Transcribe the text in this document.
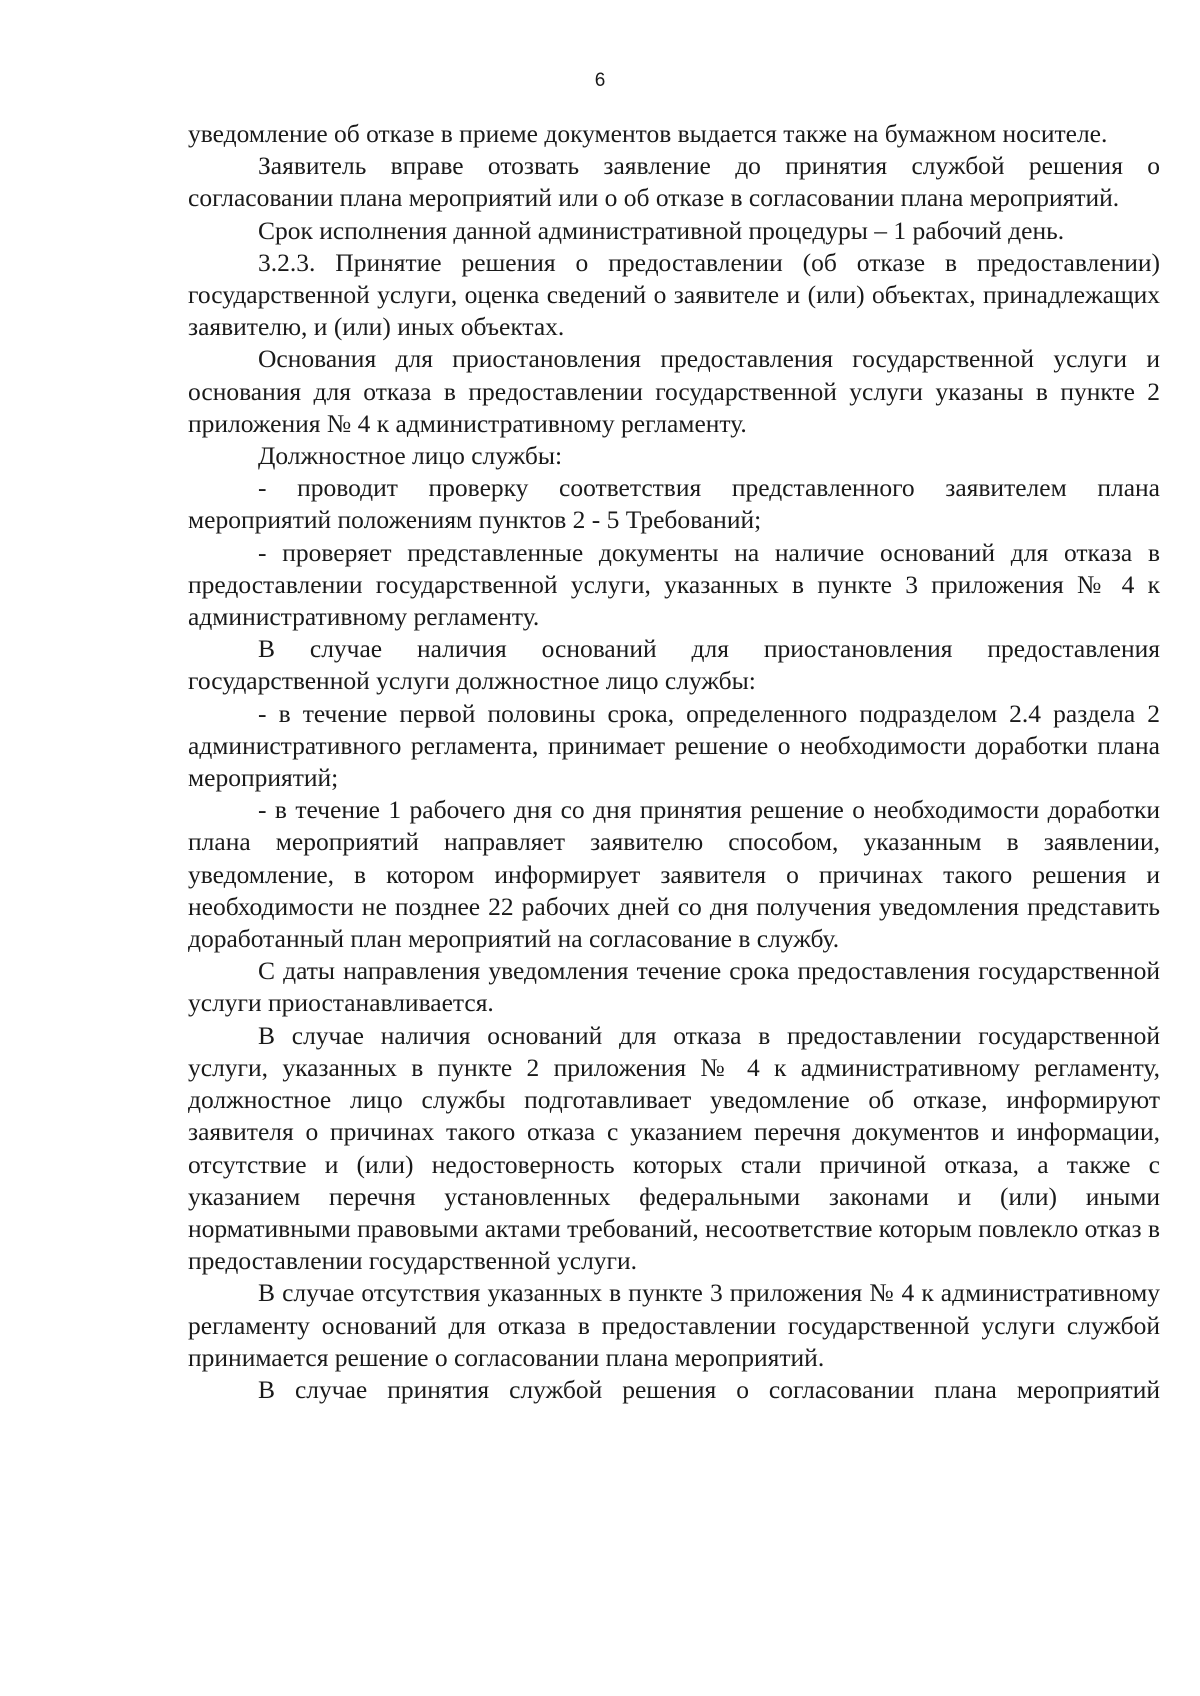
6

уведомление об отказе в приеме документов выдается также на бумажном носителе.

Заявитель вправе отозвать заявление до принятия службой решения о согласовании плана мероприятий или о об отказе в согласовании плана мероприятий.

Срок исполнения данной административной процедуры – 1 рабочий день.

3.2.3. Принятие решения о предоставлении (об отказе в предоставлении) государственной услуги, оценка сведений о заявителе и (или) объектах, принадлежащих заявителю, и (или) иных объектах.

Основания для приостановления предоставления государственной услуги и основания для отказа в предоставлении государственной услуги указаны в пункте 2 приложения № 4 к административному регламенту.

Должностное лицо службы:

- проводит проверку соответствия представленного заявителем плана мероприятий положениям пунктов 2 - 5 Требований;

- проверяет представленные документы на наличие оснований для отказа в предоставлении государственной услуги, указанных в пункте 3 приложения № 4 к административному регламенту.

В случае наличия оснований для приостановления предоставления государственной услуги должностное лицо службы:

- в течение первой половины срока, определенного подразделом 2.4 раздела 2 административного регламента, принимает решение о необходимости доработки плана мероприятий;

- в течение 1 рабочего дня со дня принятия решение о необходимости доработки плана мероприятий направляет заявителю способом, указанным в заявлении, уведомление, в котором информирует заявителя о причинах такого решения и необходимости не позднее 22 рабочих дней со дня получения уведомления представить доработанный план мероприятий на согласование в службу.

С даты направления уведомления течение срока предоставления государственной услуги приостанавливается.

В случае наличия оснований для отказа в предоставлении государственной услуги, указанных в пункте 2 приложения № 4 к административному регламенту, должностное лицо службы подготавливает уведомление об отказе, информируют заявителя о причинах такого отказа с указанием перечня документов и информации, отсутствие и (или) недостоверность которых стали причиной отказа, а также с указанием перечня установленных федеральными законами и (или) иными нормативными правовыми актами требований, несоответствие которым повлекло отказ в предоставлении государственной услуги.

В случае отсутствия указанных в пункте 3 приложения № 4 к административному регламенту оснований для отказа в предоставлении государственной услуги службой принимается решение о согласовании плана мероприятий.

В случае принятия службой решения о согласовании плана мероприятий
